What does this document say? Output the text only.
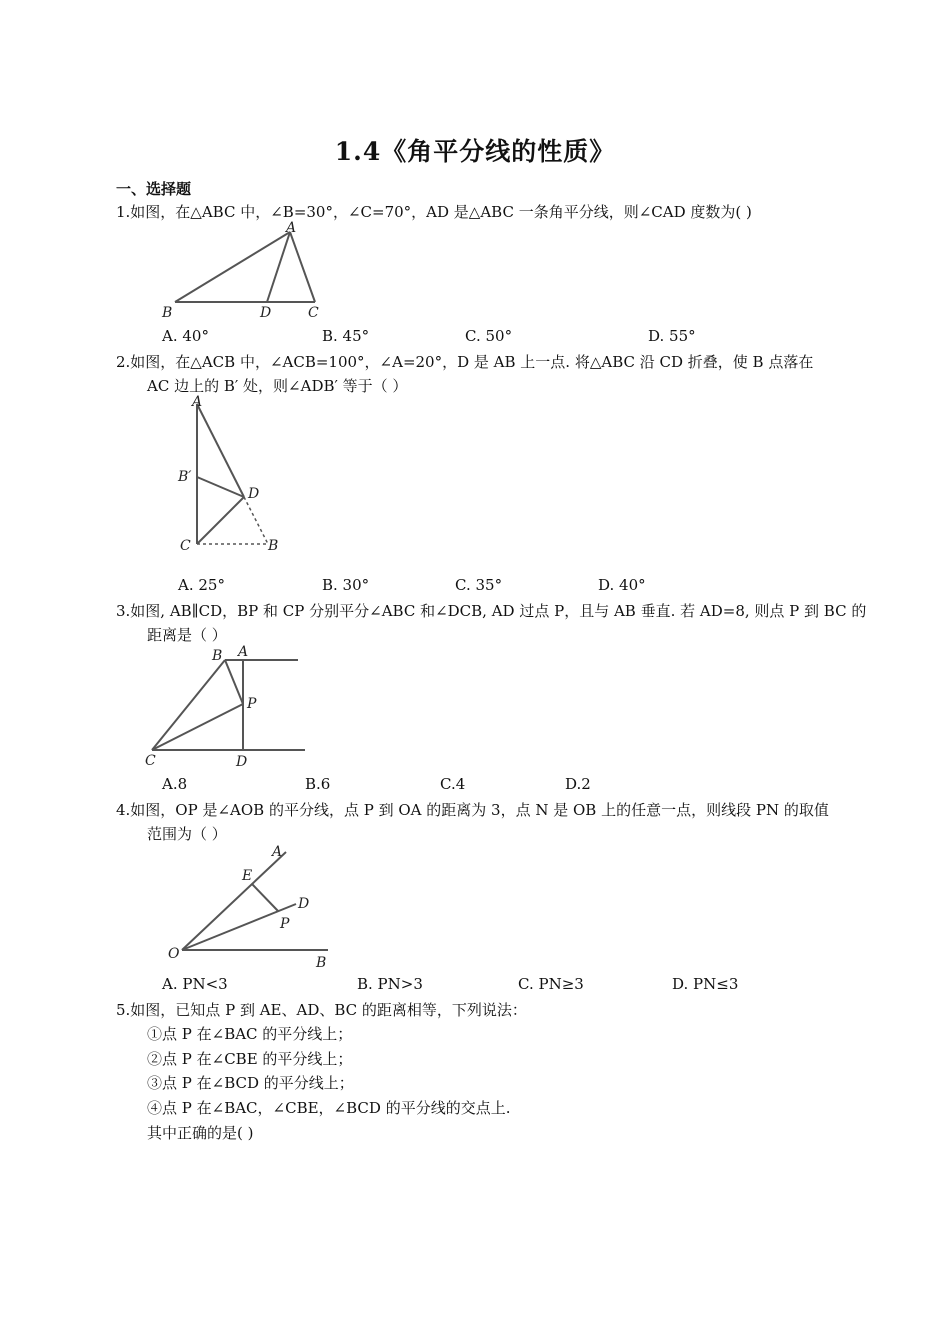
1.4《角平分线的性质》
一、选择题
1.如图，在△ABC 中，∠B=30°，∠C=70°，AD 是△ABC 一条角平分线，则∠CAD 度数为( )
A
B	D	C
A. 40°	B. 45°	C. 50°	D. 55°
2.如图，在△ACB 中，∠ACB=100°，∠A=20°，D 是 AB 上一点. 将△ABC 沿 CD 折叠，使 B 点落在
AC 边上的 B′ 处，则∠ADB′ 等于（ ）
A
B′
D
C	B
A. 25°	B. 30°	C. 35°	D. 40°
3.如图, AB∥CD，BP 和 CP 分别平分∠ABC 和∠DCB, AD 过点 P，且与 AB 垂直. 若 AD=8, 则点 P 到 BC 的
距离是（ ）
B A
P
C	D
A.8	B.6	C.4	D.2
4.如图，OP 是∠AOB 的平分线，点 P 到 OA 的距离为 3，点 N 是 OB 上的任意一点，则线段 PN 的取值
范围为（ ）
A
E
D
P
O
B
A. PN<3	B. PN>3	C. PN≥3	D. PN≤3
5.如图，已知点 P 到 AE、AD、BC 的距离相等，下列说法：
①点 P 在∠BAC 的平分线上；
②点 P 在∠CBE 的平分线上；
③点 P 在∠BCD 的平分线上；
④点 P 在∠BAC，∠CBE，∠BCD 的平分线的交点上.
其中正确的是( )
